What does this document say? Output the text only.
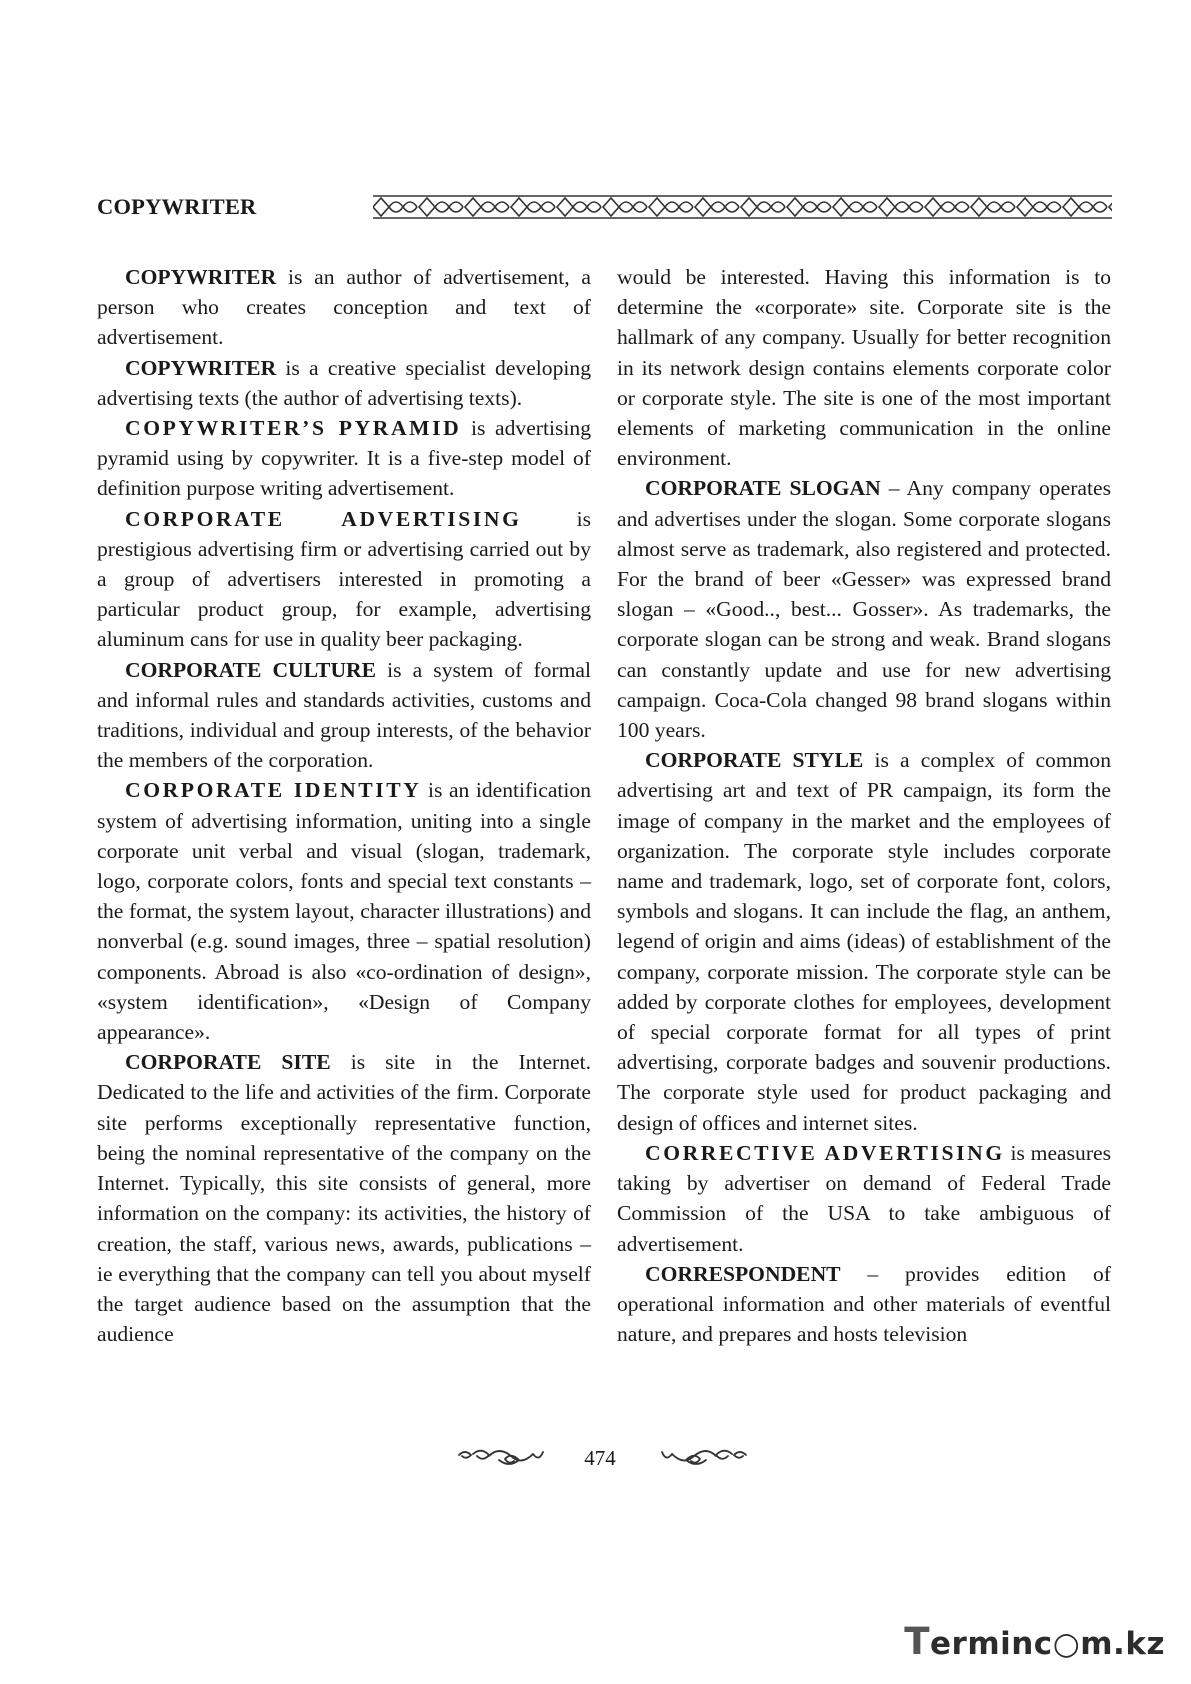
COPYWRITER

COPYWRITER is an author of advertisement, a person who creates conception and text of advertisement.

COPYWRITER is a creative specialist developing advertising texts (the author of advertising texts).

COPYWRITER’S PYRAMID is advertising pyramid using by copywriter. It is a five-step model of definition purpose writing advertisement.

CORPORATE ADVERTISING is prestigious advertising firm or advertising carried out by a group of advertisers interested in promoting a particular product group, for example, advertising aluminum cans for use in quality beer packaging.

CORPORATE CULTURE is a system of formal and informal rules and standards activities, customs and traditions, individual and group interests, of the behavior the members of the corporation.

CORPORATE IDENTITY is an identification system of advertising information, uniting into a single corporate unit verbal and visual (slogan, trademark, logo, corporate colors, fonts and special text constants – the format, the system layout, character illustrations) and nonverbal (e.g. sound images, three – spatial resolution) components. Abroad is also «co-ordination of design», «system identification», «Design of Company appearance».

CORPORATE SITE is site in the Internet. Dedicated to the life and activities of the firm. Corporate site performs exceptionally representative function, being the nominal representative of the company on the Internet. Typically, this site consists of general, more information on the company: its activities, the history of creation, the staff, various news, awards, publications – ie everything that the company can tell you about myself the target audience based on the assumption that the audience

would be interested. Having this information is to determine the «corporate» site. Corporate site is the hallmark of any company. Usually for better recognition in its network design contains elements corporate color or corporate style. The site is one of the most important elements of marketing communication in the online environment.

CORPORATE SLOGAN – Any company operates and advertises under the slogan. Some corporate slogans almost serve as trademark, also registered and protected. For the brand of beer «Gesser» was expressed brand slogan – «Good.., best... Gosser». As trademarks, the corporate slogan can be strong and weak. Brand slogans can constantly update and use for new advertising campaign. Coca-Cola changed 98 brand slogans within 100 years.

CORPORATE STYLE is a complex of common advertising art and text of PR campaign, its form the image of company in the market and the employees of organization. The corporate style includes corporate name and trademark, logo, set of corporate font, colors, symbols and slogans. It can include the flag, an anthem, legend of origin and aims (ideas) of establishment of the company, corporate mission. The corporate style can be added by corporate clothes for employees, development of special corporate format for all types of print advertising, corporate badges and souvenir productions. The corporate style used for product packaging and design of offices and internet sites.

CORRECTIVE ADVERTISING is measures taking by advertiser on demand of Federal Trade Commission of the USA to take ambiguous of advertisement.

CORRESPONDENT – provides edition of operational information and other materials of eventful nature, and prepares and hosts television

474
Terminc○m.kz
